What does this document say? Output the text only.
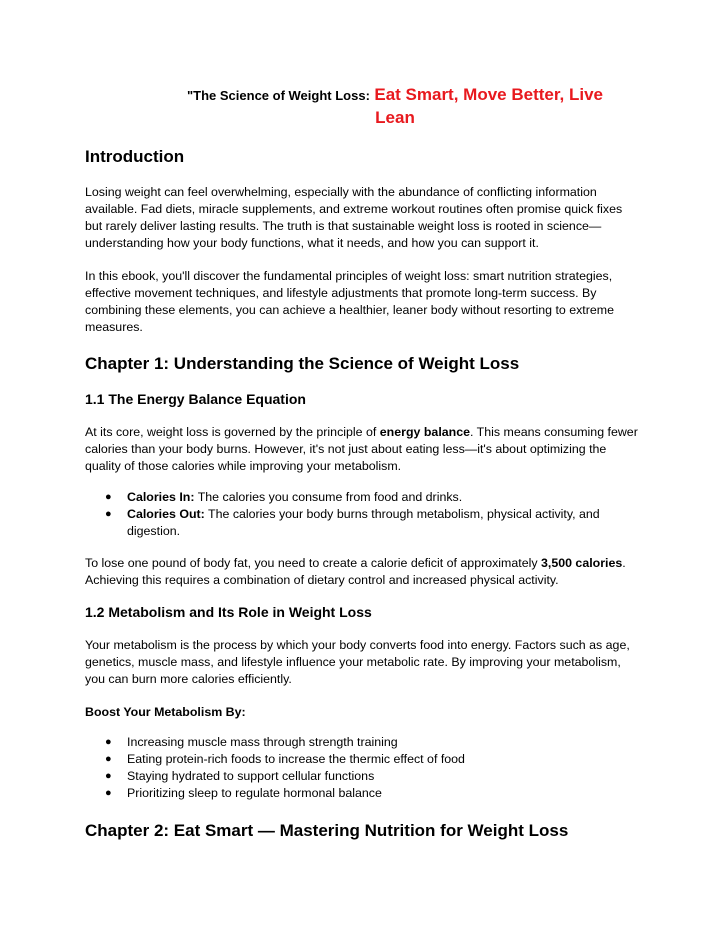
"The Science of Weight Loss: Eat Smart, Move Better, Live
Lean
Introduction

Losing weight can feel overwhelming, especially with the abundance of conflicting information available. Fad diets, miracle supplements, and extreme workout routines often promise quick fixes but rarely deliver lasting results. The truth is that sustainable weight loss is rooted in science—understanding how your body functions, what it needs, and how you can support it.

In this ebook, you'll discover the fundamental principles of weight loss: smart nutrition strategies, effective movement techniques, and lifestyle adjustments that promote long-term success. By combining these elements, you can achieve a healthier, leaner body without resorting to extreme measures.

Chapter 1: Understanding the Science of Weight Loss
1.1 The Energy Balance Equation

At its core, weight loss is governed by the principle of energy balance. This means consuming fewer calories than your body burns. However, it's not just about eating less—it's about optimizing the quality of those calories while improving your metabolism.

● Calories In: The calories you consume from food and drinks.
● Calories Out: The calories your body burns through metabolism, physical activity, and digestion.

To lose one pound of body fat, you need to create a calorie deficit of approximately 3,500 calories. Achieving this requires a combination of dietary control and increased physical activity.

1.2 Metabolism and Its Role in Weight Loss

Your metabolism is the process by which your body converts food into energy. Factors such as age, genetics, muscle mass, and lifestyle influence your metabolic rate. By improving your metabolism, you can burn more calories efficiently.

Boost Your Metabolism By:
● Increasing muscle mass through strength training
● Eating protein-rich foods to increase the thermic effect of food
● Staying hydrated to support cellular functions
● Prioritizing sleep to regulate hormonal balance
Chapter 2: Eat Smart — Mastering Nutrition for Weight Loss
